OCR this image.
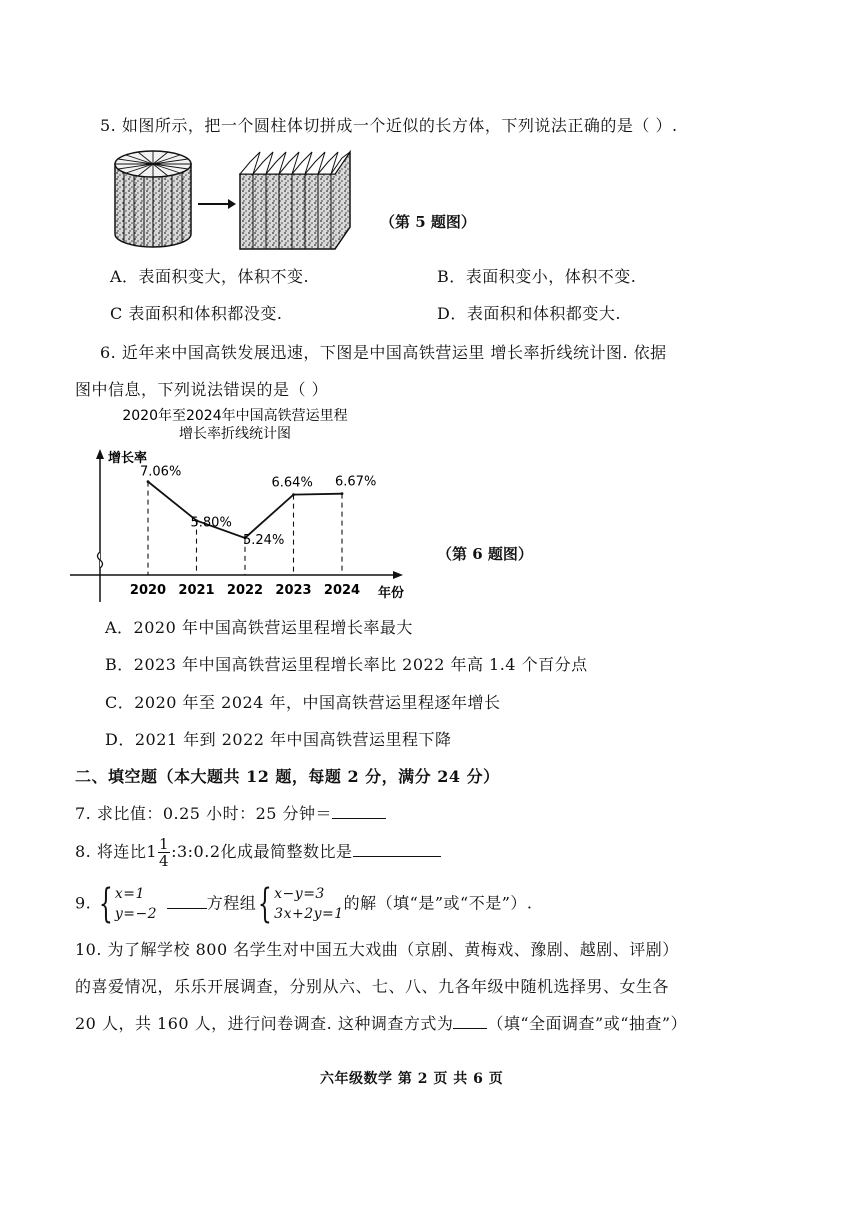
5. 如图所示，把一个圆柱体切拼成一个近似的长方体，下列说法正确的是（ ）.
（第 5 题图）
A．表面积变大，体积不变.	B．表面积变小，体积不变.
C 表面积和体积都没变.	D．表面积和体积都变大.
6. 近年来中国高铁发展迅速，下图是中国高铁营运里 增长率折线统计图. 依据
图中信息，下列说法错误的是（ ）
2020年至2024年中国高铁营运里程
增长率折线统计图
增长率
年份
2020 2021 2022 2023 2024
7.06%
5.80%
5.24%
6.64% 6.67%
（第 6 题图）
A．2020 年中国高铁营运里程增长率最大
B．2023 年中国高铁营运里程增长率比 2022 年高 1.4 个百分点
C．2020 年至 2024 年，中国高铁营运里程逐年增长
D．2021 年到 2022 年中国高铁营运里程下降
二、填空题（本大题共 12 题，每题 2 分，满分 24 分）
7. 求比值：0.25 小时：25 分钟＝
8. 将连比$1 \frac{1}{4}$ :3:0.2化成最简整数比是
9. { x=1
y=−2
方程组{ x−y=3
3x+2y=1
的解（填“是”或“不是”）.
10. 为了解学校 800 名学生对中国五大戏曲（京剧、黄梅戏、豫剧、越剧、评剧）
的喜爱情况，乐乐开展调查，分别从六、七、八、九各年级中随机选择男、女生各
20 人，共 160 人，进行问卷调查. 这种调查方式为 （填“全面调查”或“抽查”）
六年级数学 第 2 页 共 6 页
